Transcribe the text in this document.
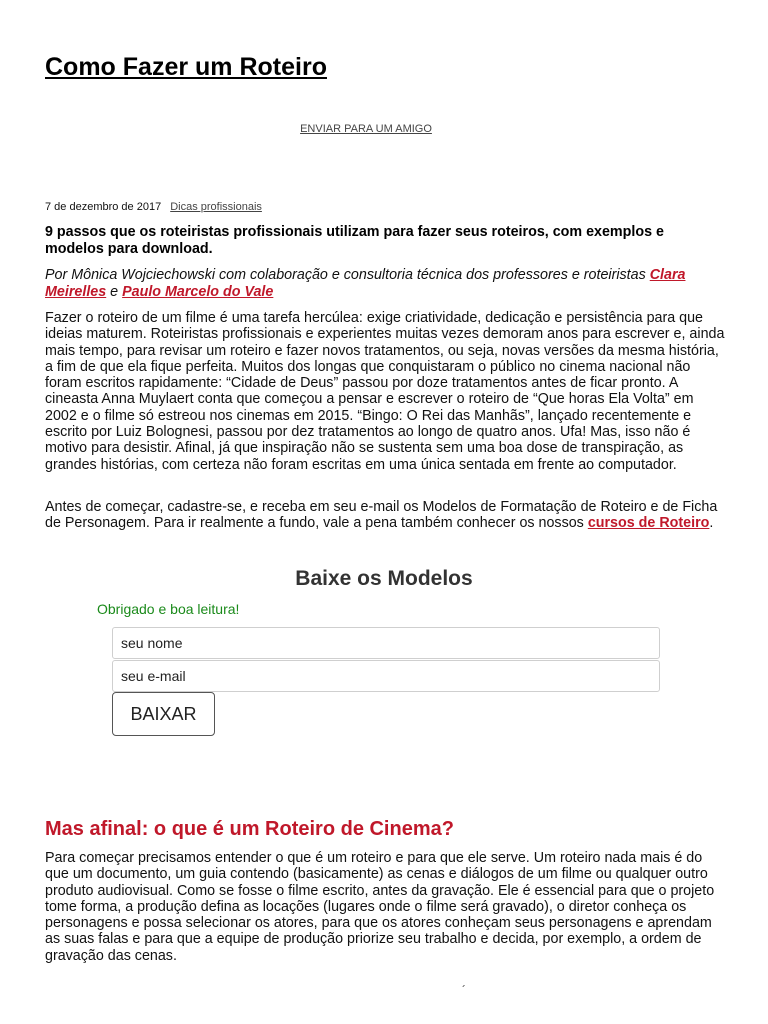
Como Fazer um Roteiro
ENVIAR PARA UM AMIGO
7 de dezembro de 2017 Dicas profissionais

9 passos que os roteiristas profissionais utilizam para fazer seus roteiros, com exemplos e modelos para download.

Por Mônica Wojciechowski com colaboração e consultoria técnica dos professores e roteiristas Clara Meirelles e Paulo Marcelo do Vale

Fazer o roteiro de um filme é uma tarefa hercúlea: exige criatividade, dedicação e persistência para que ideias maturem. Roteiristas profissionais e experientes muitas vezes demoram anos para escrever e, ainda mais tempo, para revisar um roteiro e fazer novos tratamentos, ou seja, novas versões da mesma história, a fim de que ela fique perfeita. Muitos dos longas que conquistaram o público no cinema nacional não foram escritos rapidamente: “Cidade de Deus” passou por doze tratamentos antes de ficar pronto. A cineasta Anna Muylaert conta que começou a pensar e escrever o roteiro de “Que horas Ela Volta” em 2002 e o filme só estreou nos cinemas em 2015. “Bingo: O Rei das Manhãs”, lançado recentemente e escrito por Luiz Bolognesi, passou por dez tratamentos ao longo de quatro anos. Ufa! Mas, isso não é motivo para desistir. Afinal, já que inspiração não se sustenta sem uma boa dose de transpiração, as grandes histórias, com certeza não foram escritas em uma única sentada em frente ao computador.

Antes de começar, cadastre-se, e receba em seu e-mail os Modelos de Formatação de Roteiro e de Ficha de Personagem. Para ir realmente a fundo, vale a pena também conhecer os nossos cursos de Roteiro.

Baixe os Modelos
Obrigado e boa leitura!
seu nome
seu e-mail
BAIXAR
Mas afinal: o que é um Roteiro de Cinema?

Para começar precisamos entender o que é um roteiro e para que ele serve. Um roteiro nada mais é do que um documento, um guia contendo (basicamente) as cenas e diálogos de um filme ou qualquer outro produto audiovisual. Como se fosse o filme escrito, antes da gravação. Ele é essencial para que o projeto tome forma, a produção defina as locações (lugares onde o filme será gravado), o diretor conheça os personagens e possa selecionar os atores, para que os atores conheçam seus personagens e aprendam as suas falas e para que a equipe de produção priorize seu trabalho e decida, por exemplo, a ordem de gravação das cenas.

´
